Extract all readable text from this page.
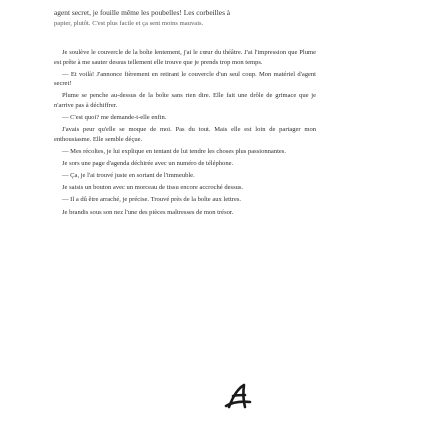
agent secret, je fouille même les poubelles! Les corbeilles à
papier, plutôt. C'est plus facile et ça sent moins mauvais.

Je soulève le couvercle de la boîte lentement, j'ai le cœur du théâtre. J'ai l'impression que Plume est prête à me sauter dessus tellement elle trouve que je prends trop mon temps.

— Et voilà! J'annonce fièrement en retirant le couvercle d'un seul coup. Mon matériel d'agent secret!

Plume se penche au-dessus de la boîte sans rien dire. Elle fait une drôle de grimace que je n'arrive pas à déchiffrer.

— C'est quoi? me demande-t-elle enfin.

J'avais peur qu'elle se moque de moi. Pas du tout. Mais elle est loin de partager mon enthousiasme. Elle semble déçue.

— Mes récoltes, je lui explique en tentant de lui tendre les choses plus passionnantes.

Je sors une page d'agenda déchirée avec un numéro de téléphone.

— Ça, je l'ai trouvé juste en sortant de l'immeuble.

Je saisis un bouton avec un morceau de tissu encore accroché dessus.

— Il a dû être arraché, je précise. Trouvé près de la boîte aux lettres.

Je brandis sous son nez l'une des pièces maîtresses de mon trésor.
